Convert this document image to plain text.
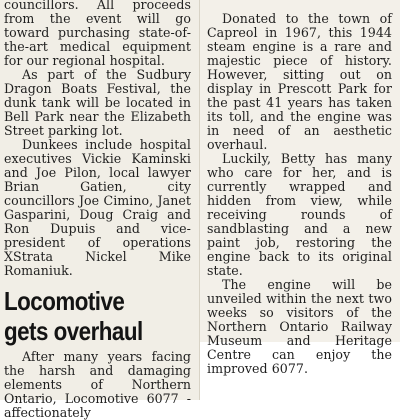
councillors. All proceeds from the event will go toward purchasing state-of-the-art medical equipment for our regional hospital.

As part of the Sudbury Dragon Boats Festival, the dunk tank will be located in Bell Park near the Elizabeth Street parking lot.

Dunkees include hospital executives Vickie Kaminski and Joe Pilon, local lawyer Brian Gatien, city councillors Joe Cimino, Janet Gasparini, Doug Craig and Ron Dupuis and vice-president of operations XStrata Nickel Mike Romaniuk.

Locomotive
gets overhaul

After many years facing the harsh and damaging elements of Northern Ontario, Locomotive 6077 - affectionately

Donated to the town of Capreol in 1967, this 1944 steam engine is a rare and majestic piece of history. However, sitting out on display in Prescott Park for the past 41 years has taken its toll, and the engine was in need of an aesthetic overhaul.

Luckily, Betty has many who care for her, and is currently wrapped and hidden from view, while receiving rounds of sandblasting and a new paint job, restoring the engine back to its original state.

The engine will be unveiled within the next two weeks so visitors of the Northern Ontario Railway Museum and Heritage Centre can enjoy the improved 6077.
